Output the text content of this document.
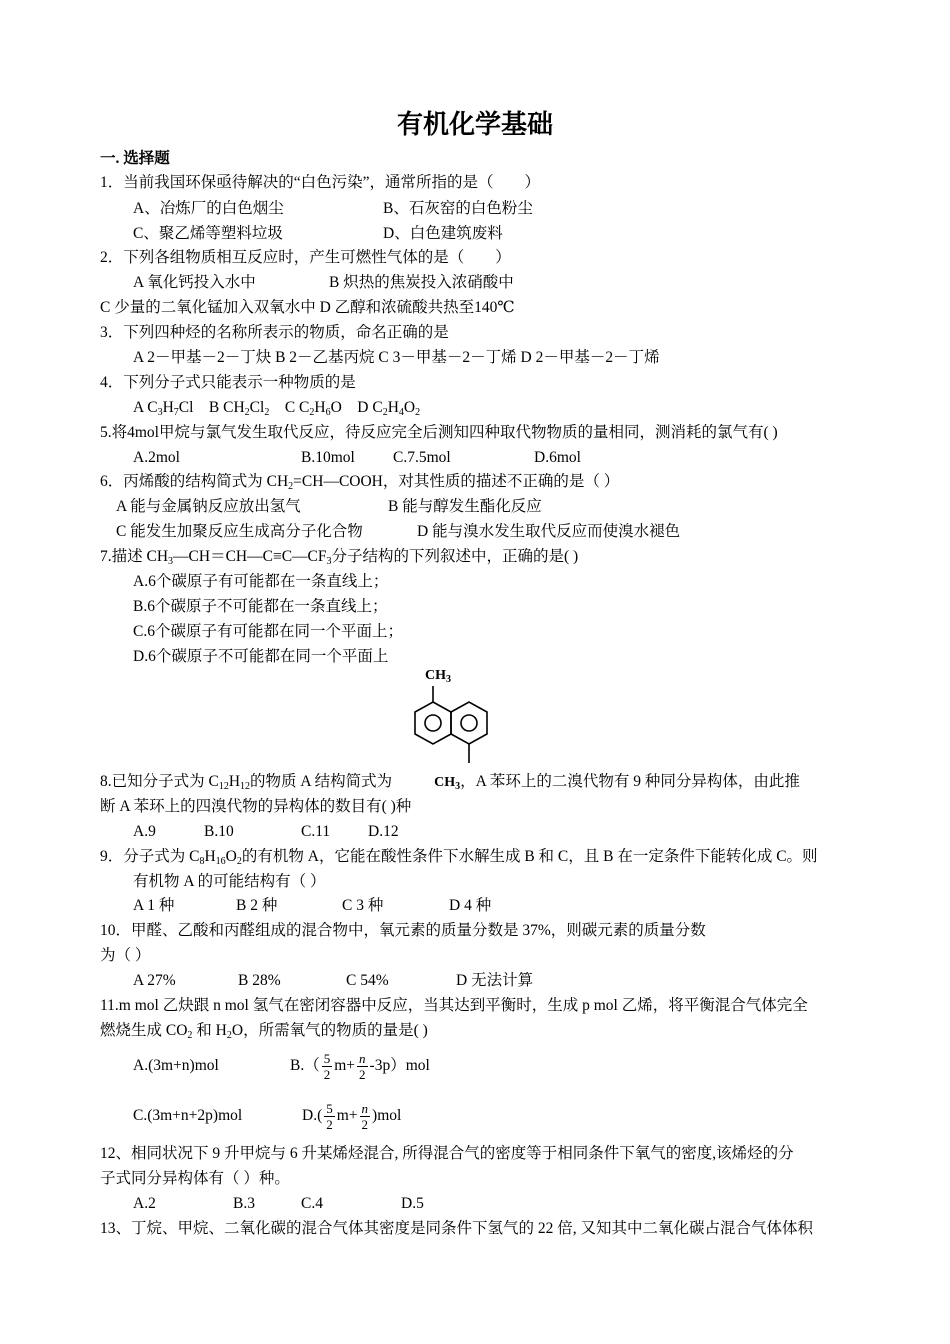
有机化学基础
一. 选择题
1．当前我国环保亟待解决的“白色污染”，通常所指的是（　　）
A、冶炼厂的白色烟尘	B、石灰窑的白色粉尘
C、聚乙烯等塑料垃圾	D、白色建筑废料
2．下列各组物质相互反应时，产生可燃性气体的是（　　）
A 氧化钙投入水中	B 炽热的焦炭投入浓硝酸中
C 少量的二氧化锰加入双氧水中 D 乙醇和浓硫酸共热至140℃
3．下列四种烃的名称所表示的物质，命名正确的是
A 2－甲基－2－丁炔 B 2－乙基丙烷 C 3－甲基－2－丁烯 D 2－甲基－2－丁烯
4．下列分子式只能表示一种物质的是
A $C_3H_7Cl$ B $CH_2Cl_2$ C $C_2H_6O$ D $C_2H_4O_2$
5.将4mol甲烷与氯气发生取代反应，待反应完全后测知四种取代物物质的量相同，测消耗的氯气有( )
A.2mol	B.10mol C.7.5mol	D.6mol
6．丙烯酸的结构简式为 $CH_2=CH—COOH$，对其性质的描述不正确的是（ ）
A 能与金属钠反应放出氢气	B 能与醇发生酯化反应
C 能发生加聚反应生成高分子化合物	D 能与溴水发生取代反应而使溴水褪色
7.描述 $CH_3—CH=CH—C\equiv C—CF_3$分子结构的下列叙述中，正确的是( )
A.6个碳原子有可能都在一条直线上；
B.6个碳原子不可能都在一条直线上；
C.6个碳原子有可能都在同一个平面上；
D.6个碳原子不可能都在同一个平面上
$CH_3$
8.已知分子式为 $C_{12}H_{12}$的物质 A 结构简式为	$CH_3$，A 苯环上的二溴代物有 9 种同分异构体，由此推
断 A 苯环上的四溴代物的异构体的数目有( )种
A.9	B.10	C.11 D.12
9．分子式为 $C_8H_{16}O_2$的有机物 A，它能在酸性条件下水解生成 B 和 C，且 B 在一定条件下能转化成 C。则
有机物 A 的可能结构有（ ）
A 1 种	B 2 种	C 3 种	D 4 种
10．甲醛、乙酸和丙醛组成的混合物中，氧元素的质量分数是 37%，则碳元素的质量分数
为（ ）
A 27%	B 28%	C 54%	D 无法计算
11.m mol 乙炔跟 n mol 氢气在密闭容器中反应，当其达到平衡时，生成 p mol 乙烯，将平衡混合气体完全
燃烧生成 $CO_2$ 和 $H_2O$，所需氧气的物质的量是( )
A.(3m+n)mol	$B.( \frac{5}{2} m+ \frac{n}{2} -3p)mol$
C.(3m+n+2p)mol	$D.( \frac{5}{2} m+ \frac{n}{2} )mol$
12、相同状况下 9 升甲烷与 6 升某烯烃混合, 所得混合气的密度等于相同条件下氧气的密度,该烯烃的分
子式同分异构体有（ ）种。
A.2	B.3	C.4	D.5
13、丁烷、甲烷、二氧化碳的混合气体其密度是同条件下氢气的 22 倍, 又知其中二氧化碳占混合气体体积
